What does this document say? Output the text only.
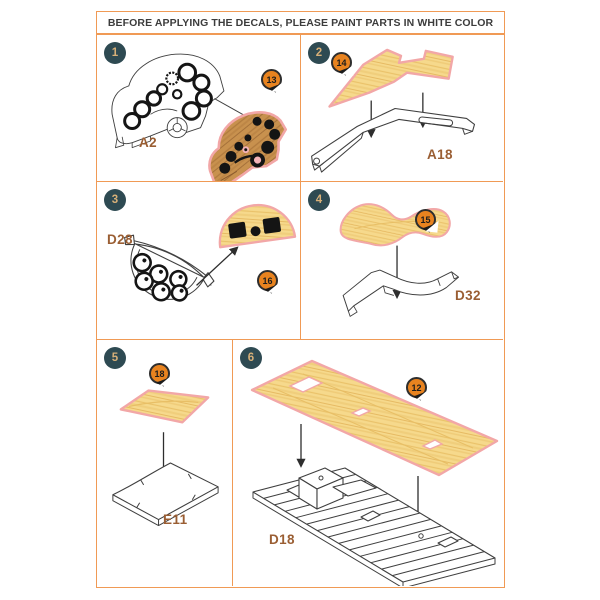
BEFORE APPLYING THE DECALS, PLEASE PAINT PARTS IN WHITE COLOR
1
13
A2
2
14
A18
3
16
D28
4
15
D32
5
18
E11
6
12
D18
